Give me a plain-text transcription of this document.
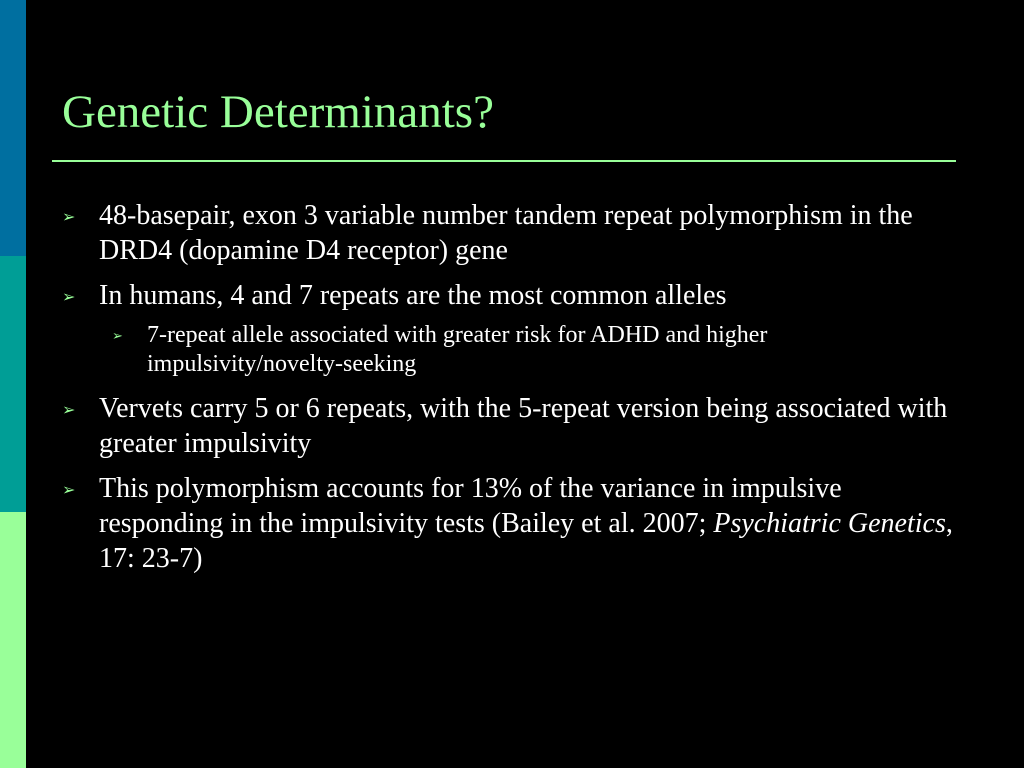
Genetic Determinants?
➢ 48-basepair, exon 3 variable number tandem repeat polymorphism in the DRD4 (dopamine D4 receptor) gene
➢ In humans, 4 and 7 repeats are the most common alleles
➢ 7-repeat allele associated with greater risk for ADHD and higher impulsivity/novelty-seeking
➢ Vervets carry 5 or 6 repeats, with the 5-repeat version being associated with greater impulsivity
➢ This polymorphism accounts for 13% of the variance in impulsive responding in the impulsivity tests (Bailey et al. 2007; Psychiatric Genetics, 17: 23-7)
